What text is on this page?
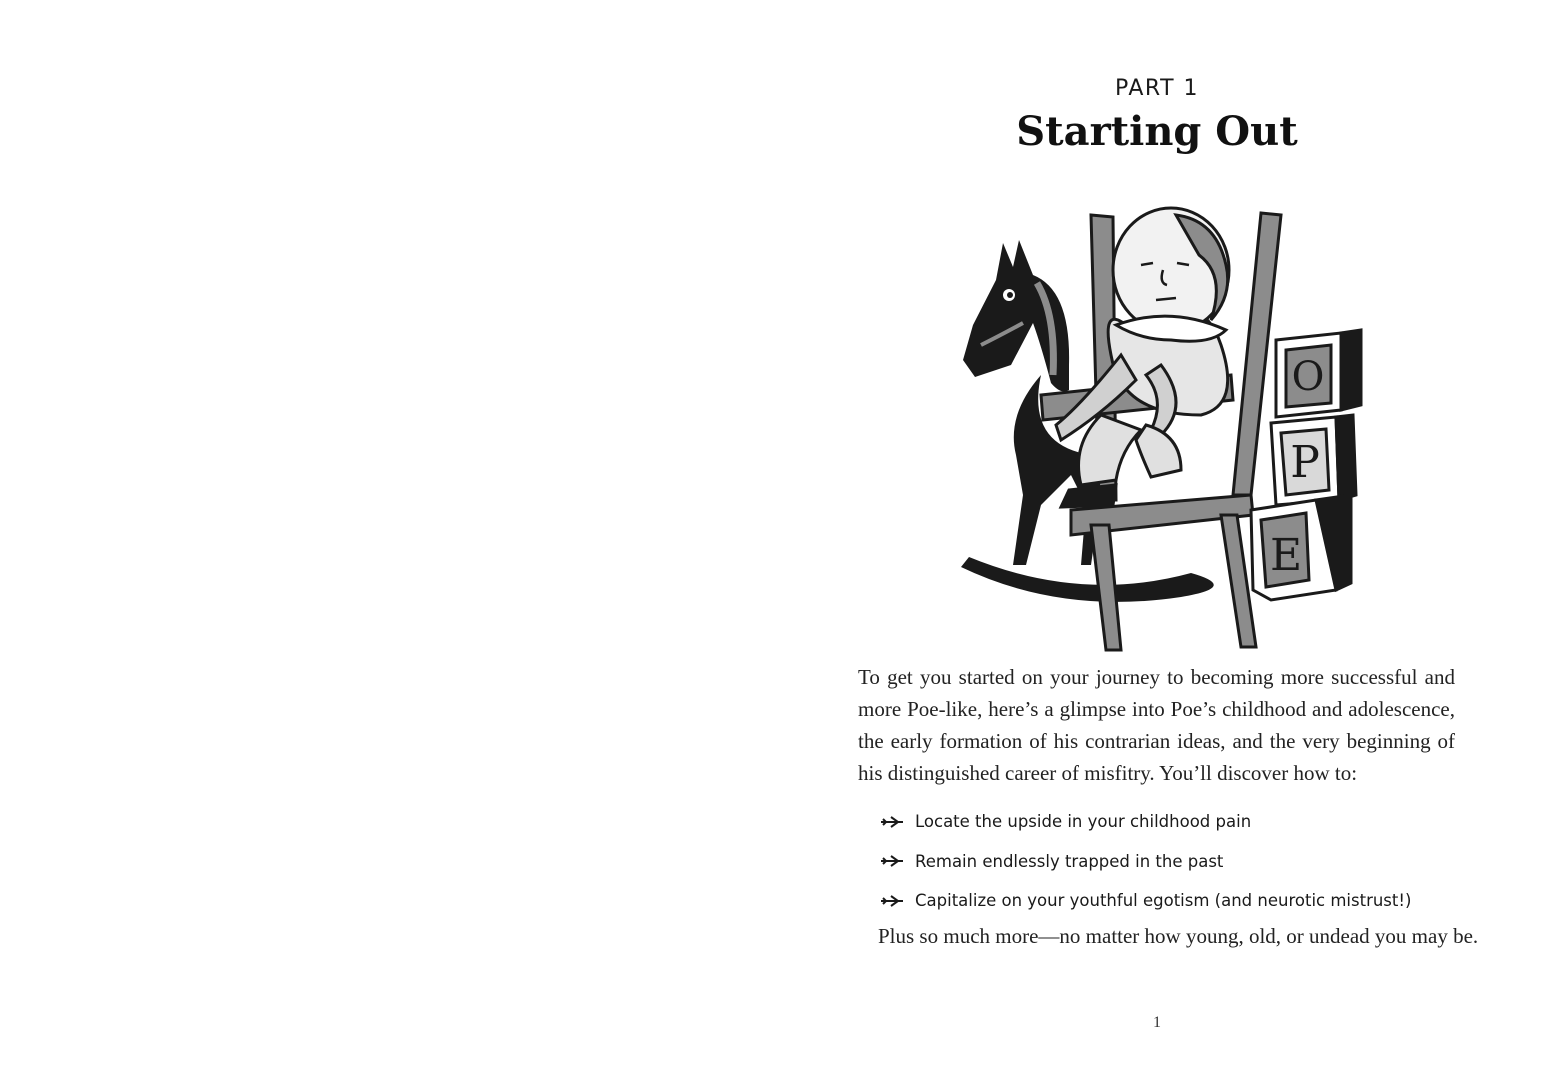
PART 1
Starting Out
O
P
E

To get you started on your journey to becoming more successful and more Poe-like, here’s a glimpse into Poe’s childhood and adolescence, the early formation of his contrarian ideas, and the very beginning of his distinguished career of misfitry. You’ll discover how to:

Locate the upside in your childhood pain
Remain endlessly trapped in the past
Capitalize on your youthful egotism (and neurotic mistrust!)

Plus so much more—no matter how young, old, or undead you may be.

1
